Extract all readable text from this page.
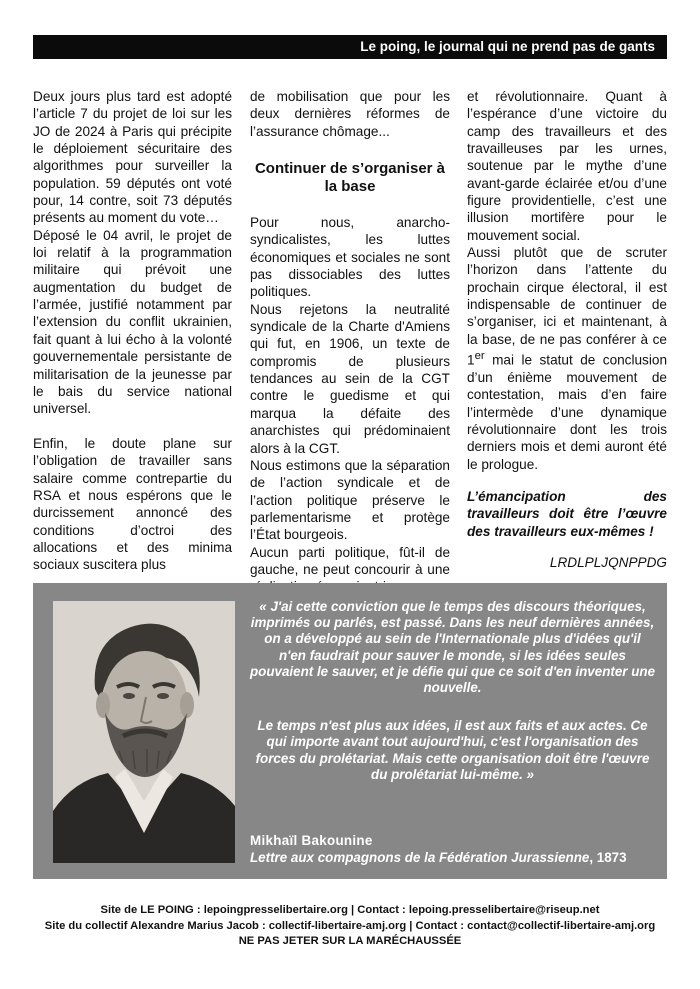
Le poing, le journal qui ne prend pas de gants

Deux jours plus tard est adopté l’article 7 du projet de loi sur les JO de 2024 à Paris qui précipite le déploiement sécuritaire des algorithmes pour surveiller la population. 59 députés ont voté pour, 14 contre, soit 73 députés présents au moment du vote…

Déposé le 04 avril, le projet de loi relatif à la programmation militaire qui prévoit une augmentation du budget de l’armée, justifié notamment par l’extension du conflit ukrainien, fait quant à lui écho à la volonté gouvernementale persistante de militarisation de la jeunesse par le bais du service national universel.

Enfin, le doute plane sur l’obligation de travailler sans salaire comme contrepartie du RSA et nous espérons que le durcissement annoncé des conditions d’octroi des allocations et des minima sociaux suscitera plus

de mobilisation que pour les deux dernières réformes de l’assurance chômage...

Continuer de s’organiser à la base

Pour nous, anarcho-syndicalistes, les luttes économiques et sociales ne sont pas dissociables des luttes politiques.

Nous rejetons la neutralité syndicale de la Charte d'Amiens qui fut, en 1906, un texte de compromis de plusieurs tendances au sein de la CGT contre le guedisme et qui marqua la défaite des anarchistes qui prédominaient alors à la CGT.

Nous estimons que la séparation de l’action syndicale et de l’action politique préserve le parlementarisme et protège l’État bourgeois.

Aucun parti politique, fût-il de gauche, ne peut concourir à une

et révolutionnaire. Quant à l’espérance d’une victoire du camp des travailleurs et des travailleuses par les urnes, soutenue par le mythe d’une avant-garde éclairée et/ou d’une figure providentielle, c’est une illusion mortifère pour le mouvement social.

Aussi plutôt que de scruter l’horizon dans l’attente du prochain cirque électoral, il est indispensable de continuer de s’organiser, ici et maintenant, à la base, de ne pas conférer à ce 1er mai le statut de conclusion d’un énième mouvement de contestation, mais d’en faire l’intermède d’une dynamique révolutionnaire dont les trois derniers mois et demi auront été le prologue.

L’émancipation des travailleurs doit être l’œuvre des travailleurs eux-mêmes !

LRDLPLJQNPPDG

« J'ai cette conviction que le temps des discours théoriques, imprimés ou parlés, est passé. Dans les neuf dernières années, on a développé au sein de l'Internationale plus d'idées qu'il n'en faudrait pour sauver le monde, si les idées seules pouvaient le sauver, et je défie qui que ce soit d'en inventer une nouvelle.

Le temps n'est plus aux idées, il est aux faits et aux actes. Ce qui importe avant tout aujourd'hui, c'est l'organisation des forces du prolétariat. Mais cette organisation doit être l'œuvre du prolétariat lui-même. »

Mikhaïl Bakounine
Lettre aux compagnons de la Fédération Jurassienne, 1873
Site de LE POING : lepoingpresselibertaire.org | Contact : lepoing.presselibertaire@riseup.net
Site du collectif Alexandre Marius Jacob : collectif-libertaire-amj.org | Contact : contact@collectif-libertaire-amj.org
NE PAS JETER SUR LA MARÉCHAUSSÉE
